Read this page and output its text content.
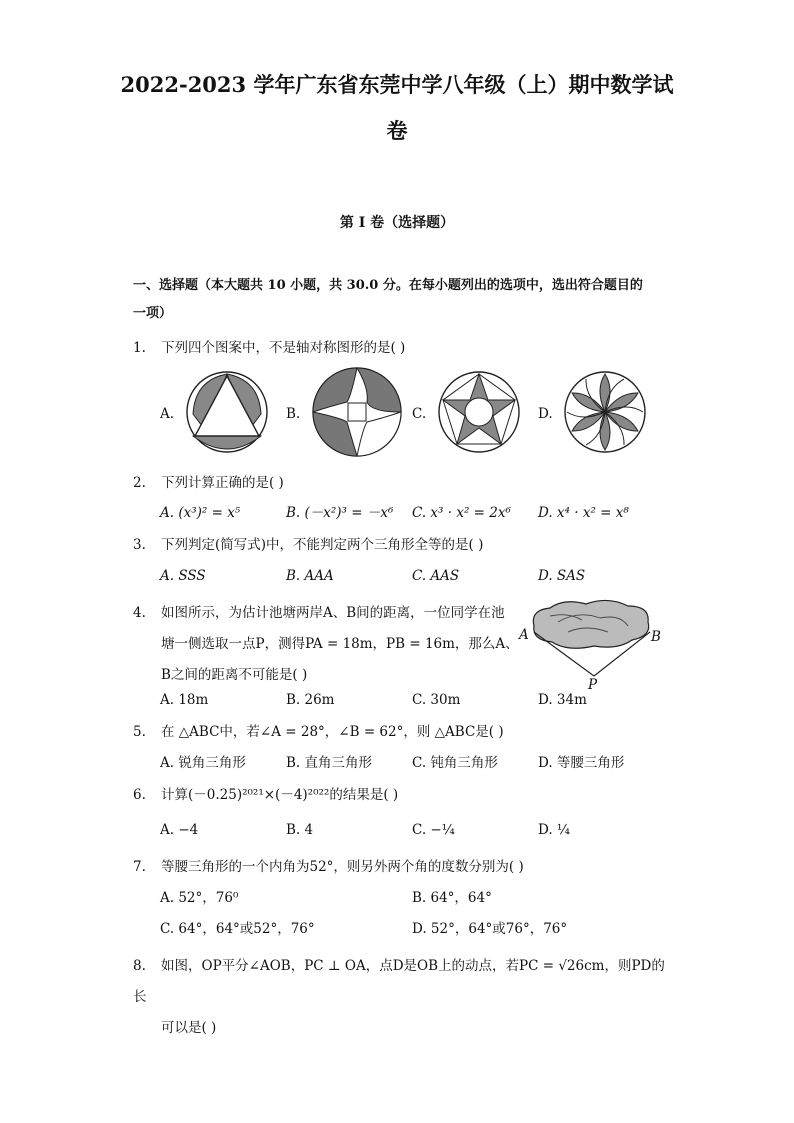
2022-2023 学年广东省东莞中学八年级（上）期中数学试
卷
第 I 卷（选择题）
一、选择题（本大题共 10 小题，共 30.0 分。在每小题列出的选项中，选出符合题目的
一项）
1. 下列四个图案中，不是轴对称图形的是( )
A.	B.	C.	D.
2. 下列计算正确的是( )
A. (x³)² = x⁵	B. (－x²)³ = －x⁶ C. x³ · x² = 2x⁶ D. x⁴ · x² = x⁸
3. 下列判定(简写式)中，不能判定两个三角形全等的是( )
A. SSS	B. AAA	C. AAS	D. SAS
4. 如图所示，为估计池塘两岸A、B间的距离，一位同学在池
塘一侧选取一点P，测得PA = 18m，PB = 16m，那么A、
B之间的距离不可能是( )
A	B
P
A. 18m	B. 26m	C. 30m	D. 34m
5. 在 △ABC中，若∠A = 28°，∠B = 62°，则 △ABC是( )
A. 锐角三角形	B. 直角三角形	C. 钝角三角形	D. 等腰三角形
6. 计算(－0.25)²⁰²¹×(－4)²⁰²²的结果是( )
A. −4	B. 4	C. −¼	D. ¼
7. 等腰三角形的一个内角为52°，则另外两个角的度数分别为( )
A. 52°，76⁰	B. 64°，64°
C. 64°，64°或52°，76°	D. 52°，64°或76°，76°
8. 如图，OP平分∠AOB，PC ⊥ OA，点D是OB上的动点，若PC = √26cm，则PD的长
可以是( )
